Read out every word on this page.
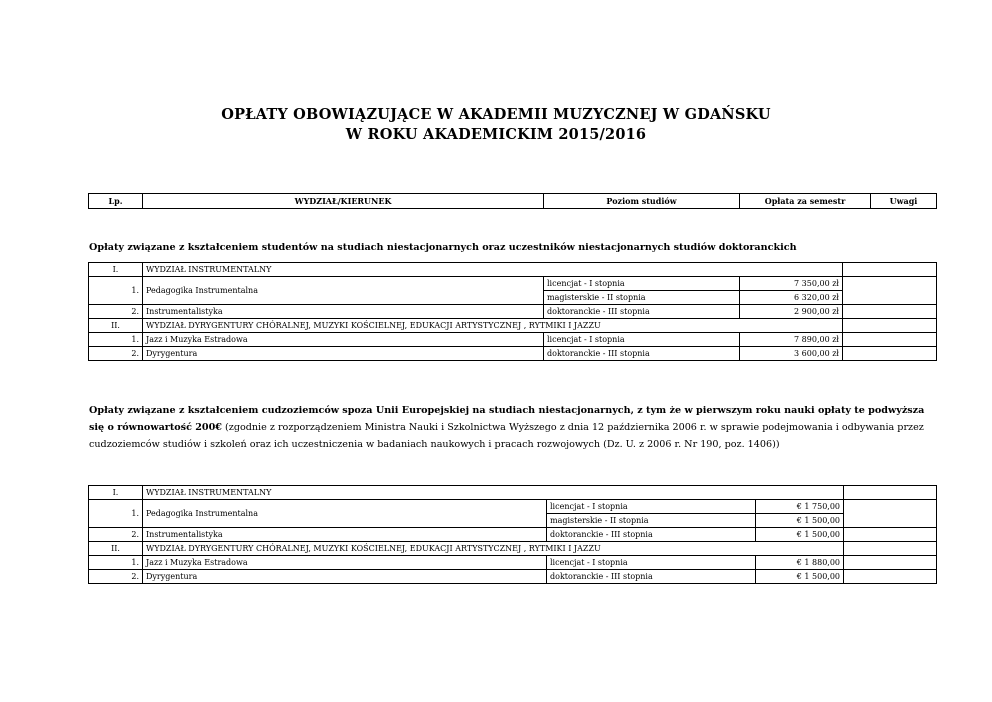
OPŁATY OBOWIĄZUJĄCE W AKADEMII MUZYCZNEJ W GDAŃSKU
W ROKU AKADEMICKIM 2015/2016
Lp.	WYDZIAŁ/KIERUNEK	Poziom studiów	Opłata za semestr	Uwagi
Opłaty związane z kształceniem studentów na studiach niestacjonarnych oraz uczestników niestacjonarnych studiów doktoranckich
I.	WYDZIAŁ INSTRUMENTALNY			
1.	Pedagogika Instrumentalna	licencjat - I stopnia	7 350,00 zł	
		magisterskie - II stopnia	6 320,00 zł	
2.	Instrumentalistyka	doktoranckie - III stopnia	2 900,00 zł	
II.	WYDZIAŁ DYRYGENTURY CHÓRALNEJ, MUZYKI KOŚCIELNEJ, EDUKACJI ARTYSTYCZNEJ , RYTMIKI I JAZZU			
1.	Jazz i Muzyka Estradowa	licencjat - I stopnia	7 890,00 zł	
2.	Dyrygentura	doktoranckie - III stopnia	3 600,00 zł	
Opłaty związane z kształceniem cudzoziemców spoza Unii Europejskiej na studiach niestacjonarnych, z tym że w pierwszym roku nauki opłaty te podwyższa się o równowartość 200€ (zgodnie z rozporządzeniem Ministra Nauki i Szkolnictwa Wyższego z dnia 12 października 2006 r. w sprawie podejmowania i odbywania przez cudzoziemców studiów i szkoleń oraz ich uczestniczenia w badaniach naukowych i pracach rozwojowych (Dz. U. z 2006 r. Nr 190, poz. 1406))
I.	WYDZIAŁ INSTRUMENTALNY			
1.	Pedagogika Instrumentalna	licencjat - I stopnia	€ 1 750,00	
		magisterskie - II stopnia	€ 1 500,00	
2.	Instrumentalistyka	doktoranckie - III stopnia	€ 1 500,00	
II.	WYDZIAŁ DYRYGENTURY CHÓRALNEJ, MUZYKI KOŚCIELNEJ, EDUKACJI ARTYSTYCZNEJ , RYTMIKI I JAZZU			
1.	Jazz i Muzyka Estradowa	licencjat - I stopnia	€ 1 880,00	
2.	Dyrygentura	doktoranckie - III stopnia	€ 1 500,00	
